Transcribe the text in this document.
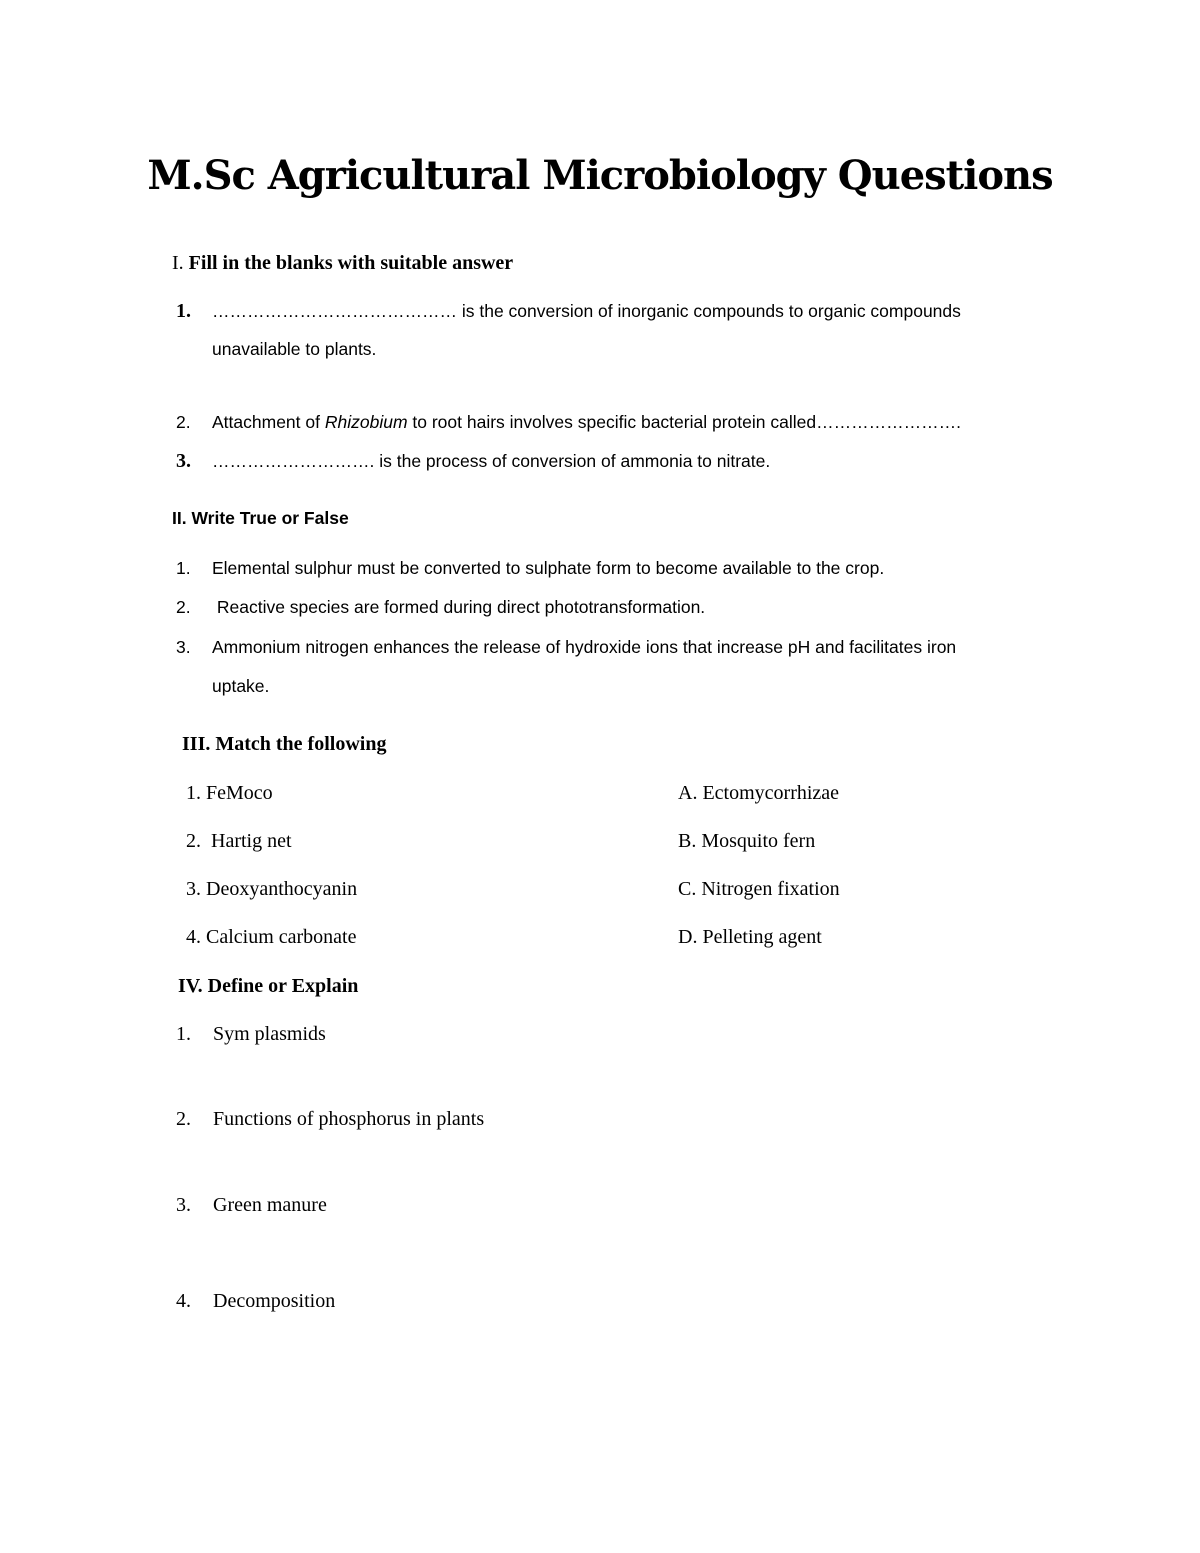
M.Sc Agricultural Microbiology Questions
I. Fill in the blanks with suitable answer
1. …………………………………… is the conversion of inorganic compounds to organic compounds
unavailable to plants.
2. Attachment of Rhizobium to root hairs involves specific bacterial protein called…………………….
3. ………………………. is the process of conversion of ammonia to nitrate.
II. Write True or False
1. Elemental sulphur must be converted to sulphate form to become available to the crop.
2. Reactive species are formed during direct phototransformation.
3. Ammonium nitrogen enhances the release of hydroxide ions that increase pH and facilitates iron
uptake.
III. Match the following
1. FeMoco
2.  Hartig net
3. Deoxyanthocyanin
4. Calcium carbonate
A. Ectomycorrhizae
B. Mosquito fern
C. Nitrogen fixation
D. Pelleting agent
IV. Define or Explain
1. Sym plasmids
2. Functions of phosphorus in plants
3. Green manure
4. Decomposition
